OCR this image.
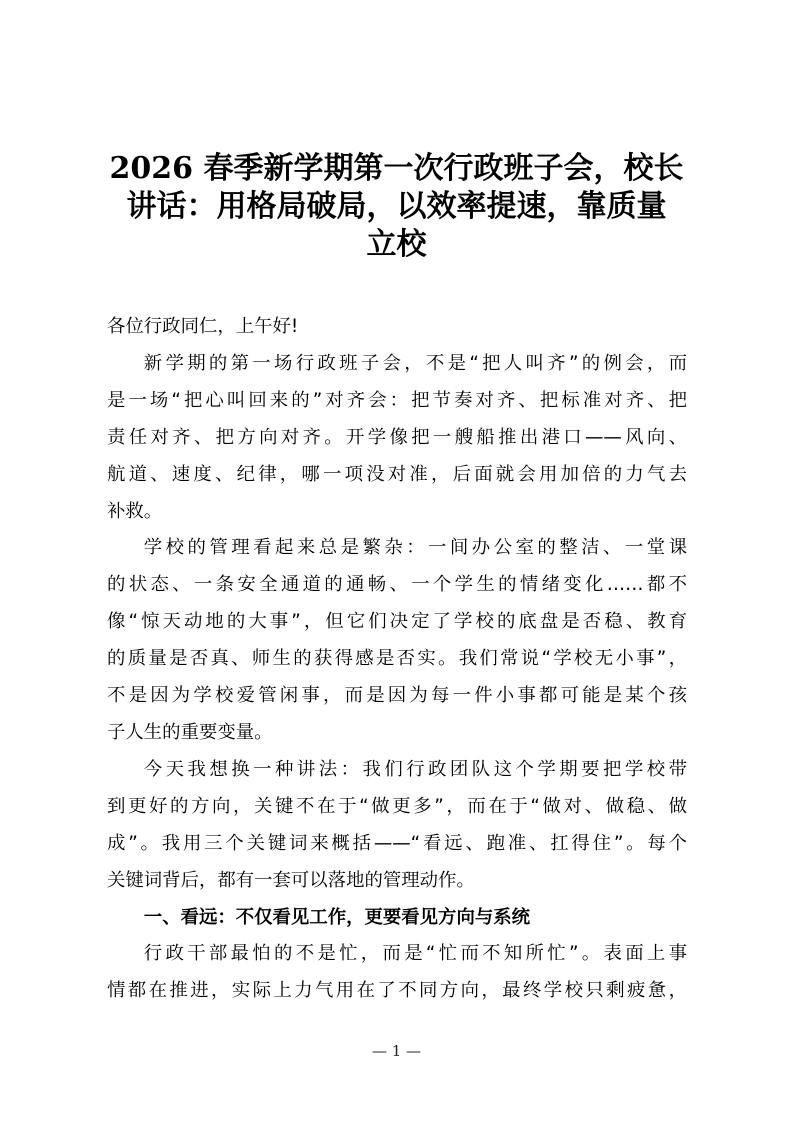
2026 春季新学期第一次行政班子会，校长
讲话：用格局破局，以效率提速，靠质量
立校
各位行政同仁，上午好!
新学期的第一场行政班子会，不是“把人叫齐”的例会，而
是一场“把心叫回来的”对齐会：把节奏对齐、把标准对齐、把
责任对齐、把方向对齐。开学像把一艘船推出港口——风向、
航道、速度、纪律，哪一项没对准，后面就会用加倍的力气去
补救。
学校的管理看起来总是繁杂：一间办公室的整洁、一堂课
的状态、一条安全通道的通畅、一个学生的情绪变化……都不
像“惊天动地的大事”，但它们决定了学校的底盘是否稳、教育
的质量是否真、师生的获得感是否实。我们常说“学校无小事”，
不是因为学校爱管闲事，而是因为每一件小事都可能是某个孩
子人生的重要变量。
今天我想换一种讲法：我们行政团队这个学期要把学校带
到更好的方向，关键不在于“做更多”，而在于“做对、做稳、做
成”。我用三个关键词来概括——“看远、跑准、扛得住”。每个
关键词背后，都有一套可以落地的管理动作。
一、看远：不仅看见工作，更要看见方向与系统
行政干部最怕的不是忙，而是“忙而不知所忙”。表面上事
情都在推进，实际上力气用在了不同方向，最终学校只剩疲惫，
— 1 —
